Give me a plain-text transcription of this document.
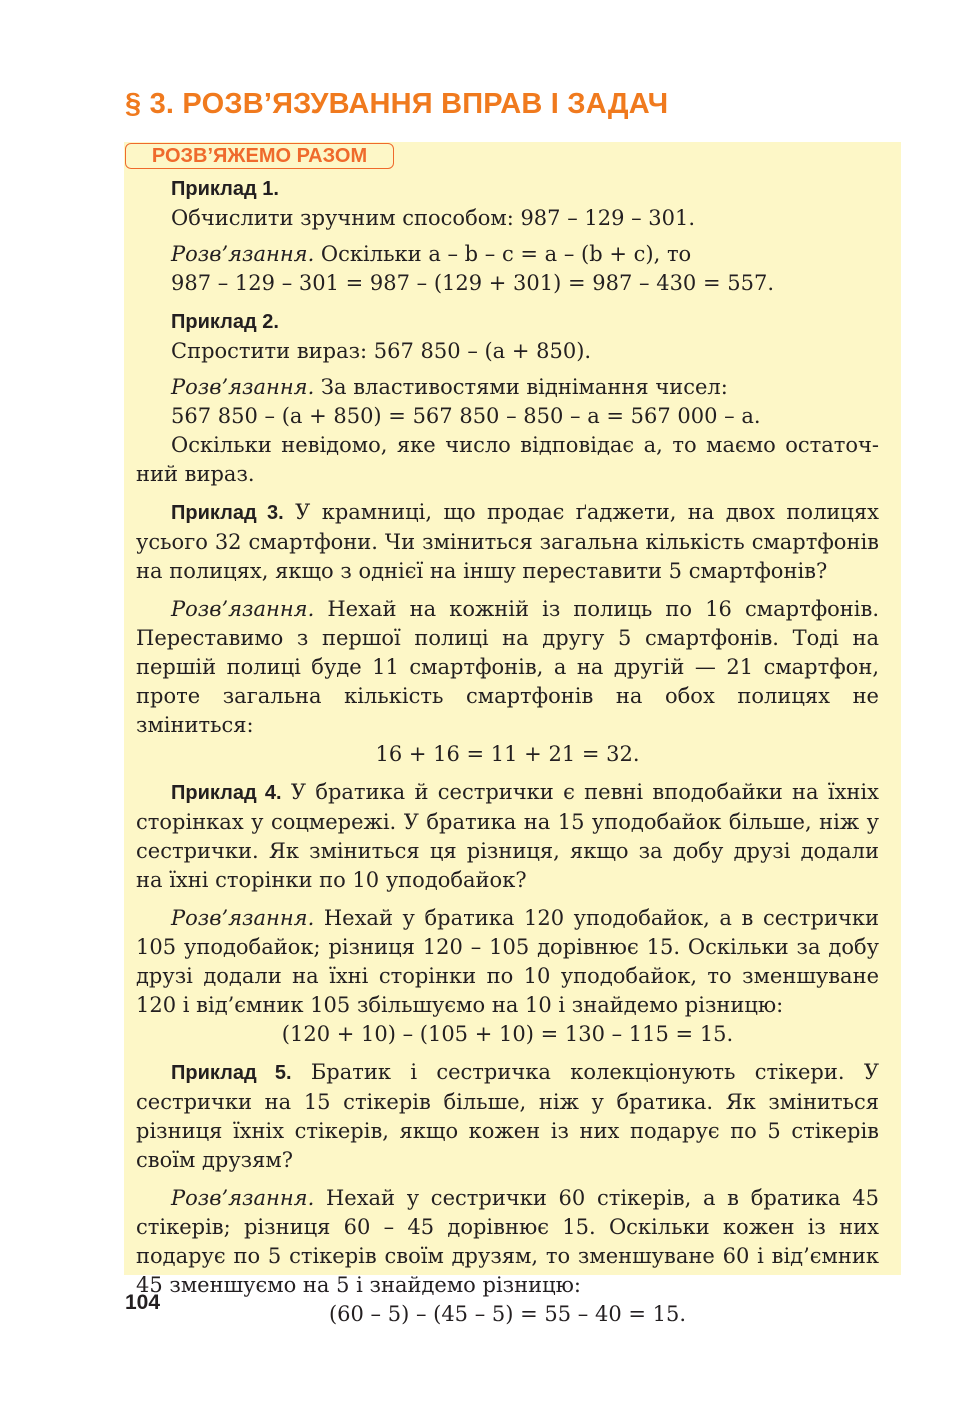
§ 3. РОЗВ’ЯЗУВАННЯ ВПРАВ І ЗАДАЧ
РОЗВ’ЯЖЕМО РАЗОМ

Приклад 1.

Обчислити зручним способом: 987 – 129 – 301.

Розв’язання. Оскільки a – b – c = a – (b + c), то

987 – 129 – 301 = 987 – (129 + 301) = 987 – 430 = 557.

Приклад 2.

Спростити вираз: 567 850 – (a + 850).

Розв’язання. За властивостями віднімання чисел:

567 850 – (a + 850) = 567 850 – 850 – a = 567 000 – a.

Оскільки невідомо, яке число відповідає a, то маємо остаточ-

ний вираз.

Приклад 3. У крамниці, що продає ґаджети, на двох полицях усього 32 смартфони. Чи зміниться загальна кількість смартфонів на полицях, якщо з однієї на іншу переставити 5 смартфонів?

Розв’язання. Нехай на кожній із полиць по 16 смартфонів. Переставимо з першої полиці на другу 5 смартфонів. Тоді на першій полиці буде 11 смартфонів, а на другій — 21 смартфон, проте загальна кількість смартфонів на обох полицях не зміниться:

16 + 16 = 11 + 21 = 32.

Приклад 4. У братика й сестрички є певні вподобайки на їхніх сторінках у соцмережі. У братика на 15 уподобайок більше, ніж у сестрички. Як зміниться ця різниця, якщо за добу друзі додали на їхні сторінки по 10 уподобайок?

Розв’язання. Нехай у братика 120 уподобайок, а в сестрички 105 уподобайок; різниця 120 – 105 дорівнює 15. Оскільки за добу друзі додали на їхні сторінки по 10 уподобайок, то зменшуване 120 і від’ємник 105 збільшуємо на 10 і знайдемо різницю:

(120 + 10) – (105 + 10) = 130 – 115 = 15.

Приклад 5. Братик і сестричка колекціонують стікери. У сестрички на 15 стікерів більше, ніж у братика. Як зміниться різниця їхніх стікерів, якщо кожен із них подарує по 5 стікерів своїм друзям?

Розв’язання. Нехай у сестрички 60 стікерів, а в братика 45 стікерів; різниця 60 – 45 дорівнює 15. Оскільки кожен із них подарує по 5 стікерів своїм друзям, то зменшуване 60 і від’ємник 45 зменшуємо на 5 і знайдемо різницю:

(60 – 5) – (45 – 5) = 55 – 40 = 15.

104
